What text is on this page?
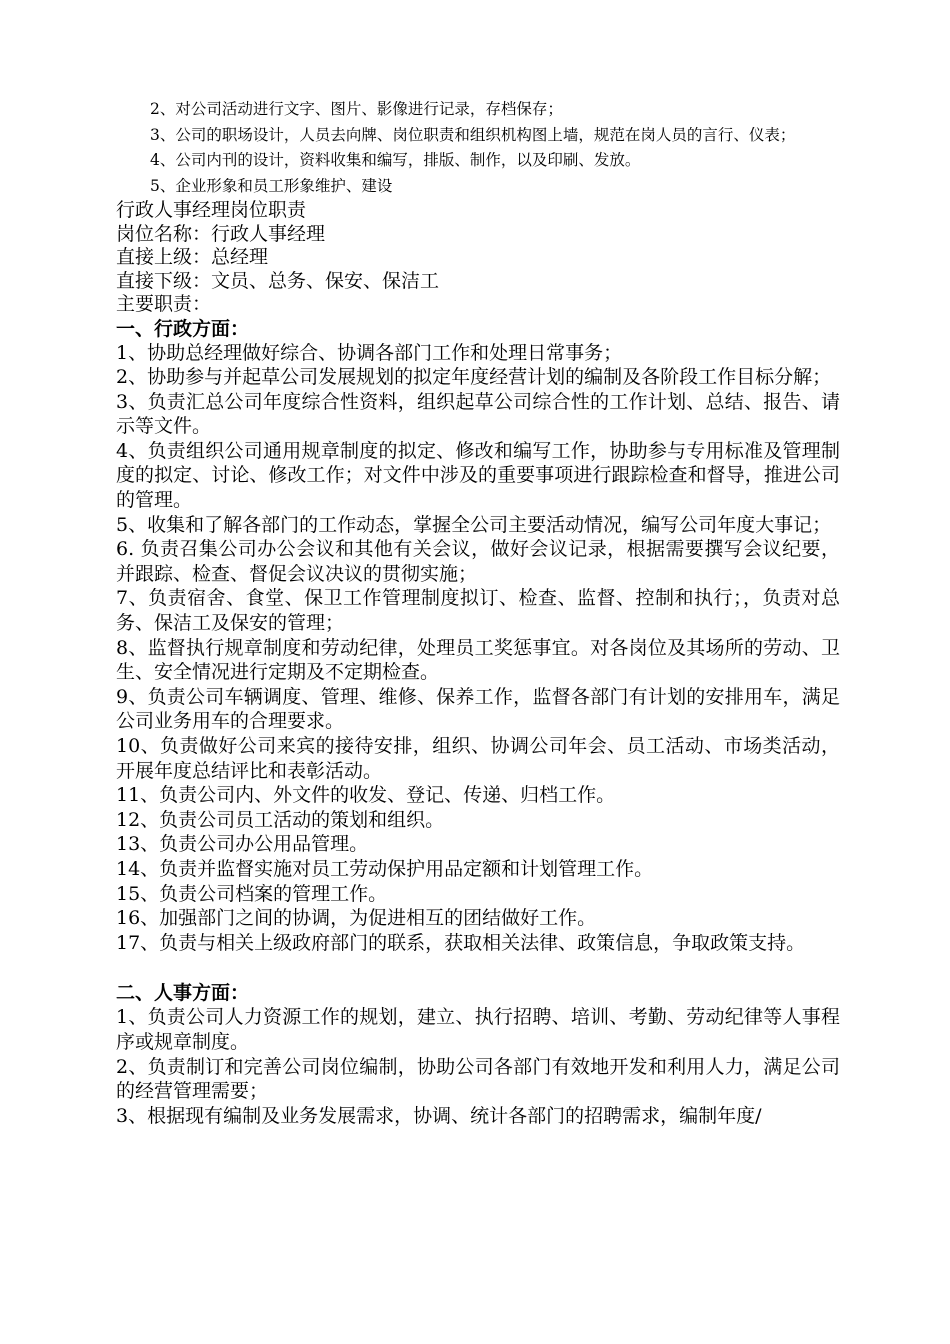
2、对公司活动进行文字、图片、影像进行记录，存档保存；

3、公司的职场设计，人员去向牌、岗位职责和组织机构图上墙，规范在岗人员的言行、仪表；

4、公司内刊的设计，资料收集和编写，排版、制作，以及印刷、发放。

5、企业形象和员工形象维护、建设

行政人事经理岗位职责

岗位名称：行政人事经理

直接上级：总经理

直接下级：文员、总务、保安、保洁工

主要职责：

一、行政方面：

1、协助总经理做好综合、协调各部门工作和处理日常事务；

2、协助参与并起草公司发展规划的拟定年度经营计划的编制及各阶段工作目标分解；

3、负责汇总公司年度综合性资料，组织起草公司综合性的工作计划、总结、报告、请示等文件。

4、负责组织公司通用规章制度的拟定、修改和编写工作，协助参与专用标准及管理制度的拟定、讨论、修改工作；对文件中涉及的重要事项进行跟踪检查和督导，推进公司的管理。

5、收集和了解各部门的工作动态，掌握全公司主要活动情况，编写公司年度大事记；

6. 负责召集公司办公会议和其他有关会议，做好会议记录，根据需要撰写会议纪要，并跟踪、检查、督促会议决议的贯彻实施；

7、负责宿舍、食堂、保卫工作管理制度拟订、检查、监督、控制和执行；，负责对总务、保洁工及保安的管理；

8、监督执行规章制度和劳动纪律，处理员工奖惩事宜。对各岗位及其场所的劳动、卫生、安全情况进行定期及不定期检查。

9、负责公司车辆调度、管理、维修、保养工作，监督各部门有计划的安排用车，满足公司业务用车的合理要求。

10、负责做好公司来宾的接待安排，组织、协调公司年会、员工活动、市场类活动，开展年度总结评比和表彰活动。

11、负责公司内、外文件的收发、登记、传递、归档工作。

12、负责公司员工活动的策划和组织。

13、负责公司办公用品管理。

14、负责并监督实施对员工劳动保护用品定额和计划管理工作。

15、负责公司档案的管理工作。

16、加强部门之间的协调，为促进相互的团结做好工作。

17、负责与相关上级政府部门的联系，获取相关法律、政策信息，争取政策支持。

二、人事方面：

1、负责公司人力资源工作的规划，建立、执行招聘、培训、考勤、劳动纪律等人事程序或规章制度。

2、负责制订和完善公司岗位编制，协助公司各部门有效地开发和利用人力，满足公司的经营管理需要；

3、根据现有编制及业务发展需求，协调、统计各部门的招聘需求，编制年度/
